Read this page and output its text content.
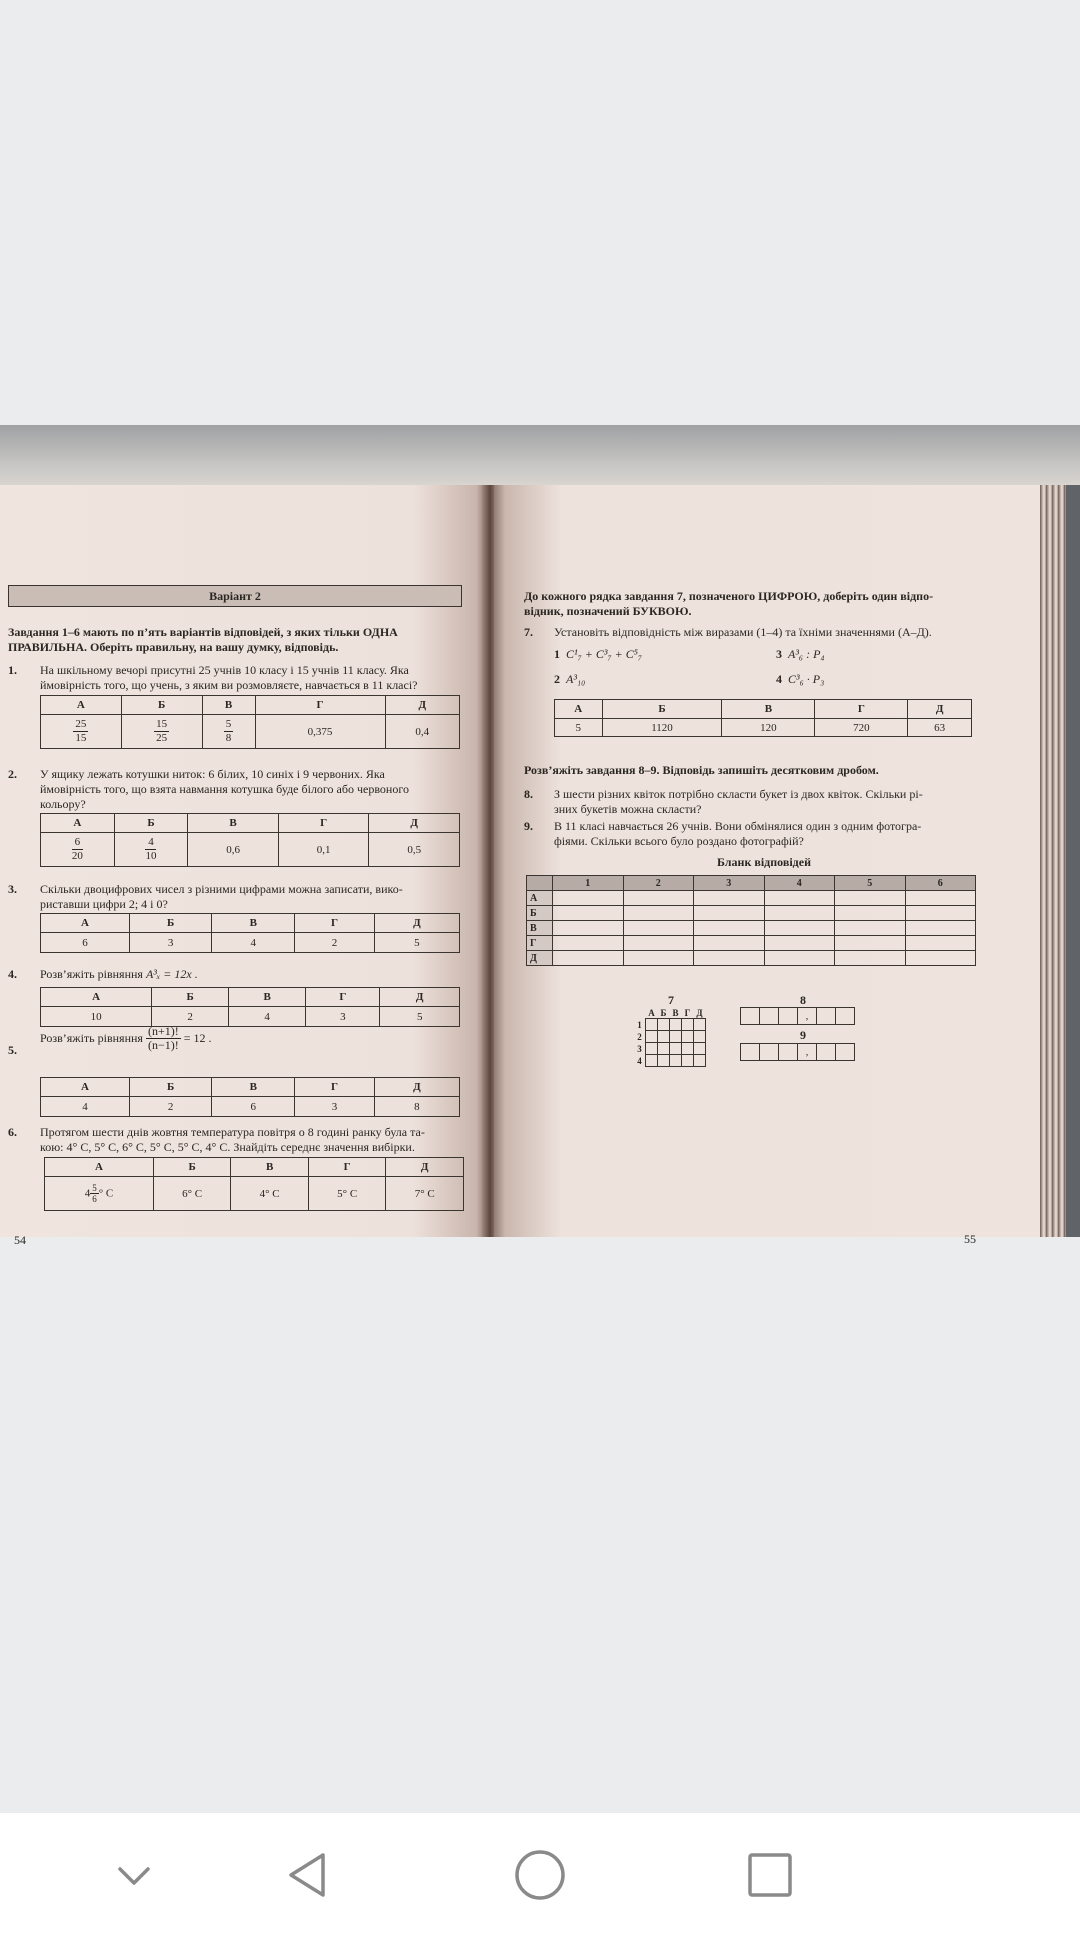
Варіант 2

Завдання 1–6 мають по п’ять варіантів відповідей, з яких тільки ОДНА
ПРАВИЛЬНА. Оберіть правильну, на вашу думку, відповідь.

1. На шкільному вечорі присутні 25 учнів 10 класу і 15 учнів 11 класу. Яка
ймовірність того, що учень, з яким ви розмовляєте, навчається в 11 класі?

А	Б	В	Г	Д

$\frac{25}{15}$	$\frac{15}{25}$	$\frac{5}{8}$	0,375	0,4
2. У ящику лежать котушки ниток: 6 білих, 10 синіх і 9 червоних. Яка
ймовірність того, що взята навмання котушка буде білого або червоного
кольору?

А	Б	В	Г	Д

$\frac{6}{20}$	$\frac{4}{10}$	0,6	0,1	0,5
3. Скільки двоцифрових чисел з різними цифрами можна записати, вико-
риставши цифри 2; 4 і 0?

А	Б	В	Г	Д
6	3	4	2	5
4. Розв’яжіть рівняння A³ₓ = 12x .

А	Б	В	Г	Д
10	2	4	3	5
5.
Розв’яжіть рівняння $\frac{(n+1)!}{(n-1)!} = 12$ .
А	Б	В	Г	Д
4	2	6	3	8
6. Протягом шести днів жовтня температура повітря о 8 годині ранку була та-
кою: 4° С, 5° С, 6° С, 5° С, 5° С, 4° С. Знайдіть середнє значення вибірки.

А	Б	В	Г	Д
$4 \frac{5}{6}$ ° С	6° С	4° С	5° С	7° С
54

До кожного рядка завдання 7, позначеного ЦИФРОЮ, доберіть один відпо-
відник, позначений БУКВОЮ.

7. Установіть відповідність між виразами (1–4) та їхніми значеннями (А–Д).

1 C¹₇ + C³₇ + C⁵₇	3 A³₆ : P₄
2 A³₁₀	4 C³₆ · P₃
А	Б	В	Г	Д
5	1120	120	720	63

Розв’яжіть завдання 8–9. Відповідь запишіть десятковим дробом.

8. З шести різних квіток потрібно скласти букет із двох квіток. Скільки рі-
зних букетів можна скласти?

9. В 11 класі навчається 26 учнів. Вони обмінялися один з одним фотогра-
фіями. Скільки всього було роздано фотографій?

Бланк відповідей

	1	2	3	4	5	6
А						
Б						
В						
Г						
Д						
7
	А	Б	В	Г	Д
1					
2					
3					
4					
8
			,		
9
			,		
55
